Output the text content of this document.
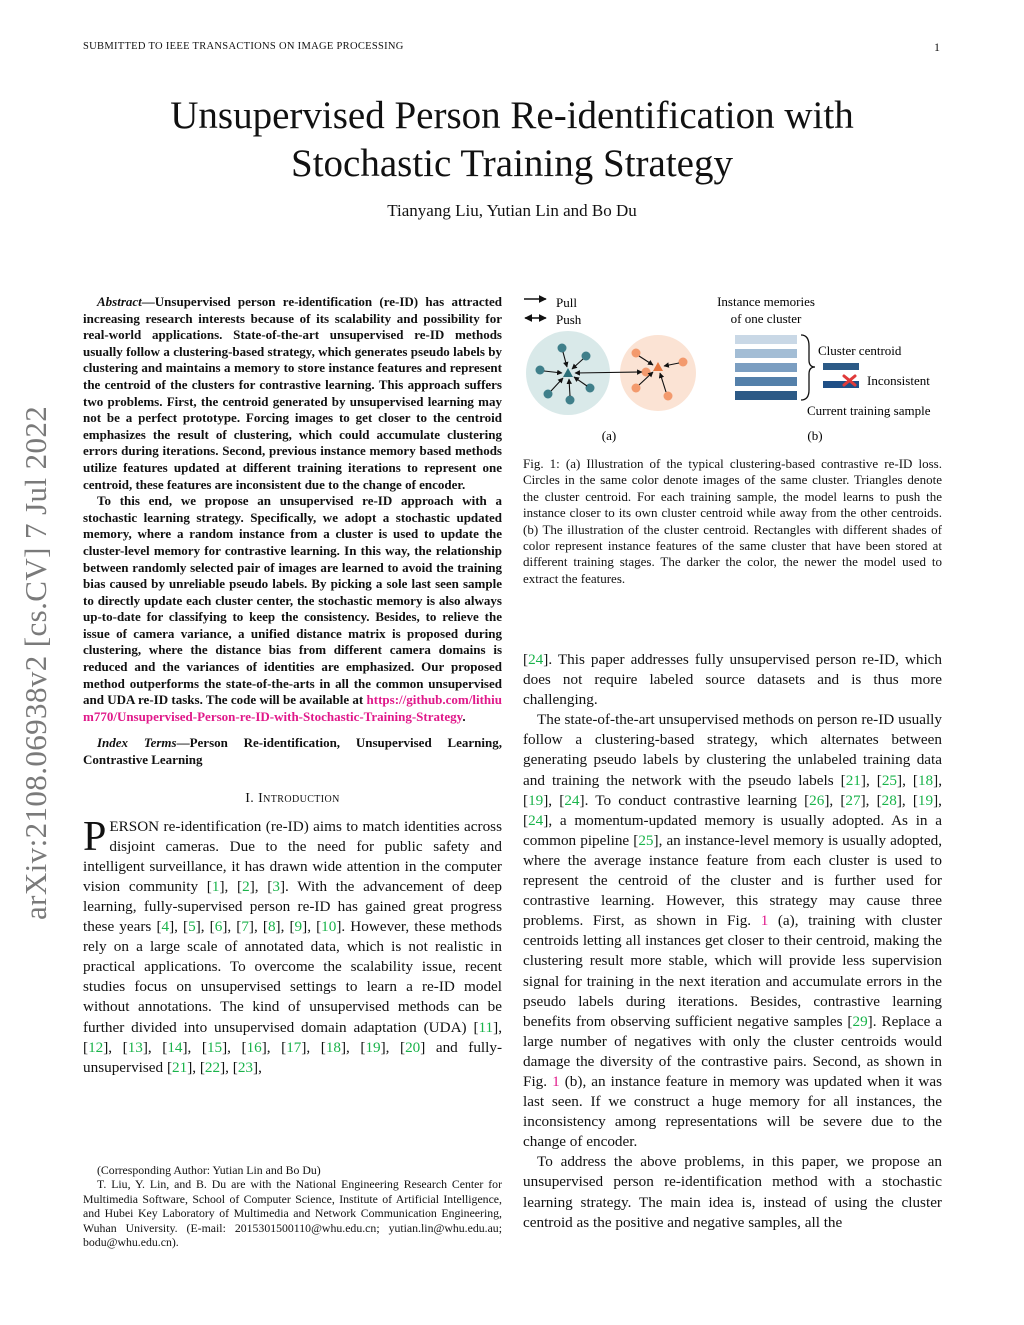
SUBMITTED TO IEEE TRANSACTIONS ON IMAGE PROCESSING	1
Unsupervised Person Re-identification with
Stochastic Training Strategy
Tianyang Liu, Yutian Lin and Bo Du
arXiv:2108.06938v2 [cs.CV] 7 Jul 2022

Abstract—Unsupervised person re-identification (re-ID) has attracted increasing research interests because of its scalability and possibility for real-world applications. State-of-the-art unsupervised re-ID methods usually follow a clustering-based strategy, which generates pseudo labels by clustering and maintains a memory to store instance features and represent the centroid of the clusters for contrastive learning. This approach suffers two problems. First, the centroid generated by unsupervised learning may not be a perfect prototype. Forcing images to get closer to the centroid emphasizes the result of clustering, which could accumulate clustering errors during iterations. Second, previous instance memory based methods utilize features updated at different training iterations to represent one centroid, these features are inconsistent due to the change of encoder.

To this end, we propose an unsupervised re-ID approach with a stochastic learning strategy. Specifically, we adopt a stochastic updated memory, where a random instance from a cluster is used to update the cluster-level memory for contrastive learning. In this way, the relationship between randomly selected pair of images are learned to avoid the training bias caused by unreliable pseudo labels. By picking a sole last seen sample to directly update each cluster center, the stochastic memory is also always up-to-date for classifying to keep the consistency. Besides, to relieve the issue of camera variance, a unified distance matrix is proposed during clustering, where the distance bias from different camera domains is reduced and the variances of identities are emphasized. Our proposed method outperforms the state-of-the-arts in all the common unsupervised and UDA re-ID tasks. The code will be available at https://github.com/lithium770/Unsupervised-Person-re-ID-with-Stochastic-Training-Strategy.

Index Terms—Person Re-identification, Unsupervised Learning, Contrastive Learning

I. Introduction

PERSON re-identification (re-ID) aims to match identities across disjoint cameras. Due to the need for public safety and intelligent surveillance, it has drawn wide attention in the computer vision community [1], [2], [3]. With the advancement of deep learning, fully-supervised person re-ID has gained great progress these years [4], [5], [6], [7], [8], [9], [10]. However, these methods rely on a large scale of annotated data, which is not realistic in practical applications. To overcome the scalability issue, recent studies focus on unsupervised settings to learn a re-ID model without annotations. The kind of unsupervised methods can be further divided into unsupervised domain adaptation (UDA) [11], [12], [13], [14], [15], [16], [17], [18], [19], [20] and fully-unsupervised [21], [22], [23],

(Corresponding Author: Yutian Lin and Bo Du)

T. Liu, Y. Lin, and B. Du are with the National Engineering Research Center for Multimedia Software, School of Computer Science, Institute of Artificial Intelligence, and Hubei Key Laboratory of Multimedia and Network Communication Engineering, Wuhan University. (E-mail: 2015301500110@whu.edu.cn; yutian.lin@whu.edu.au; bodu@whu.edu.cn).

Pull
Push
(a)
Instance memories
of one cluster
Cluster centroid
Inconsistent
Current training sample
(b)

Fig. 1: (a) Illustration of the typical clustering-based contrastive re-ID loss. Circles in the same color denote images of the same cluster. Triangles denote the cluster centroid. For each training sample, the model learns to push the instance closer to its own cluster centroid while away from the other centroids. (b) The illustration of the cluster centroid. Rectangles with different shades of color represent instance features of the same cluster that have been stored at different training stages. The darker the color, the newer the model used to extract the features.

[24]. This paper addresses fully unsupervised person re-ID, which does not require labeled source datasets and is thus more challenging.

The state-of-the-art unsupervised methods on person re-ID usually follow a clustering-based strategy, which alternates between generating pseudo labels by clustering the unlabeled training data and training the network with the pseudo labels [21], [25], [18], [19], [24]. To conduct contrastive learning [26], [27], [28], [19], [24], a momentum-updated memory is usually adopted. As in a common pipeline [25], an instance-level memory is usually adopted, where the average instance feature from each cluster is used to represent the centroid of the cluster and is further used for contrastive learning. However, this strategy may cause three problems. First, as shown in Fig. 1 (a), training with cluster centroids letting all instances get closer to their centroid, making the clustering result more stable, which will provide less supervision signal for training in the next iteration and accumulate errors in the pseudo labels during iterations. Besides, contrastive learning benefits from observing sufficient negative samples [29]. Replace a large number of negatives with only the cluster centroids would damage the diversity of the contrastive pairs. Second, as shown in Fig. 1 (b), an instance feature in memory was updated when it was last seen. If we construct a huge memory for all instances, the inconsistency among representations will be severe due to the change of encoder.

To address the above problems, in this paper, we propose an unsupervised person re-identification method with a stochastic learning strategy. The main idea is, instead of using the cluster centroid as the positive and negative samples, all the
